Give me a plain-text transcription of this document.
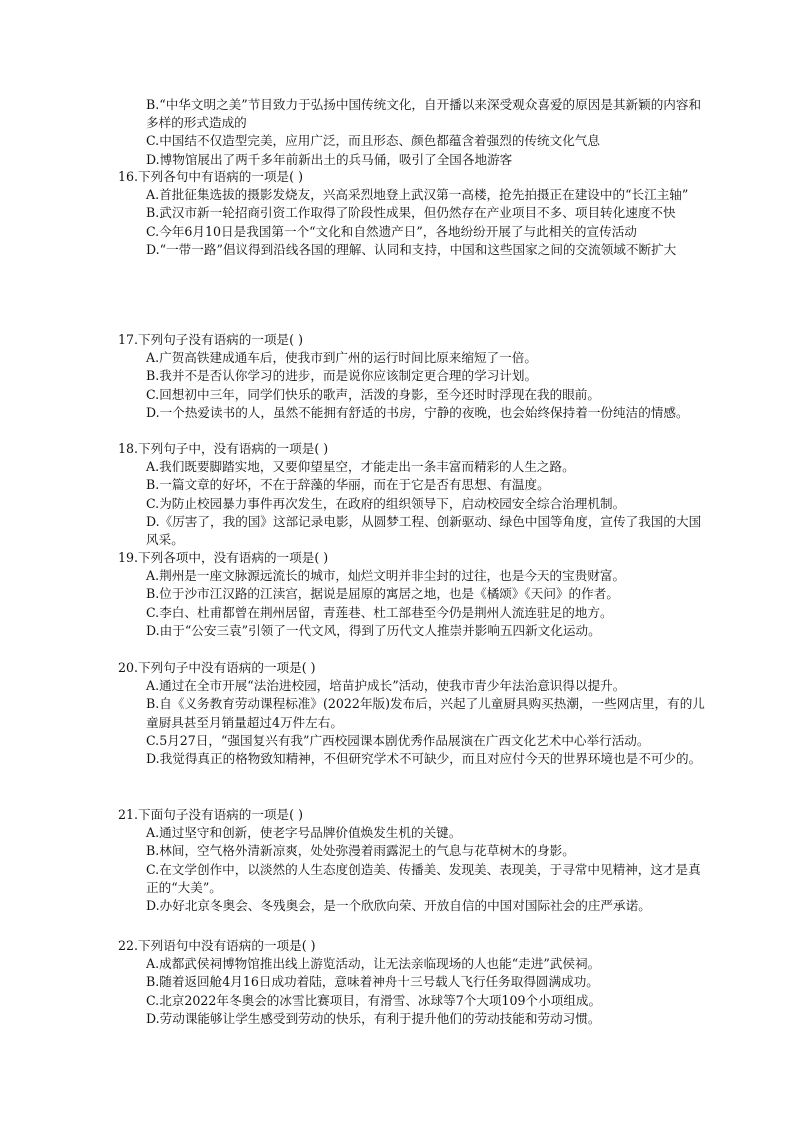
B.“中华文明之美”节目致力于弘扬中国传统文化，自开播以来深受观众喜爱的原因是其新颖的内容和多样的形式造成的
C.中国结不仅造型完美，应用广泛，而且形态、颜色都蕴含着强烈的传统文化气息
D.博物馆展出了两千多年前新出土的兵马俑，吸引了全国各地游客
16.下列各句中有语病的一项是( )
A.首批征集选拔的摄影发烧友，兴高采烈地登上武汉第一高楼，抢先拍摄正在建设中的“长江主轴”
B.武汉市新一轮招商引资工作取得了阶段性成果，但仍然存在产业项目不多、项目转化速度不快
C.今年6月10日是我国第一个“文化和自然遗产日”，各地纷纷开展了与此相关的宣传活动
D.“一带一路”倡议得到沿线各国的理解、认同和支持，中国和这些国家之间的交流领域不断扩大
17.下列句子没有语病的一项是( )
A.广贺高铁建成通车后，使我市到广州的运行时间比原来缩短了一倍。
B.我并不是否认你学习的进步，而是说你应该制定更合理的学习计划。
C.回想初中三年，同学们快乐的歌声，活泼的身影，至今还时时浮现在我的眼前。
D.一个热爱读书的人，虽然不能拥有舒适的书房，宁静的夜晚，也会始终保持着一份纯洁的情感。
18.下列句子中，没有语病的一项是( )
A.我们既要脚踏实地，又要仰望星空，才能走出一条丰富而精彩的人生之路。
B.一篇文章的好坏，不在于辞藻的华丽，而在于它是否有思想、有温度。
C.为防止校园暴力事件再次发生，在政府的组织领导下，启动校园安全综合治理机制。
D.《厉害了，我的国》这部记录电影，从圆梦工程、创新驱动、绿色中国等角度，宣传了我国的大国风采。
19.下列各项中，没有语病的一项是( )
A.荆州是一座文脉源远流长的城市，灿烂文明并非尘封的过往，也是今天的宝贵财富。
B.位于沙市江汉路的江渎宫，据说是屈原的寓居之地，也是《橘颂》《天问》的作者。
C.李白、杜甫都曾在荆州居留，青莲巷、杜工部巷至今仍是荆州人流连驻足的地方。
D.由于“公安三袁”引领了一代文风，得到了历代文人推崇并影响五四新文化运动。
20.下列句子中没有语病的一项是( )
A.通过在全市开展“法治进校园，培苗护成长”活动，使我市青少年法治意识得以提升。
B.自《义务教育劳动课程标准》(2022年版)发布后，兴起了儿童厨具购买热潮，一些网店里，有的儿童厨具甚至月销量超过4万件左右。
C.5月27日，“强国复兴有我”广西校园课本剧优秀作品展演在广西文化艺术中心举行活动。
D.我觉得真正的格物致知精神，不但研究学术不可缺少，而且对应付今天的世界环境也是不可少的。
21.下面句子没有语病的一项是( )
A.通过坚守和创新，使老字号品牌价值焕发生机的关键。
B.林间，空气格外清新凉爽，处处弥漫着雨露泥土的气息与花草树木的身影。
C.在文学创作中，以淡然的人生态度创造美、传播美、发现美、表现美，于寻常中见精神，这才是真正的“大美”。
D.办好北京冬奥会、冬残奥会，是一个欣欣向荣、开放自信的中国对国际社会的庄严承诺。
22.下列语句中没有语病的一项是( )
A.成都武侯祠博物馆推出线上游览活动，让无法亲临现场的人也能“走进”武侯祠。
B.随着返回舱4月16日成功着陆，意味着神舟十三号载人飞行任务取得圆满成功。
C.北京2022年冬奥会的冰雪比赛项目，有滑雪、冰球等7个大项109个小项组成。
D.劳动课能够让学生感受到劳动的快乐，有利于提升他们的劳动技能和劳动习惯。
